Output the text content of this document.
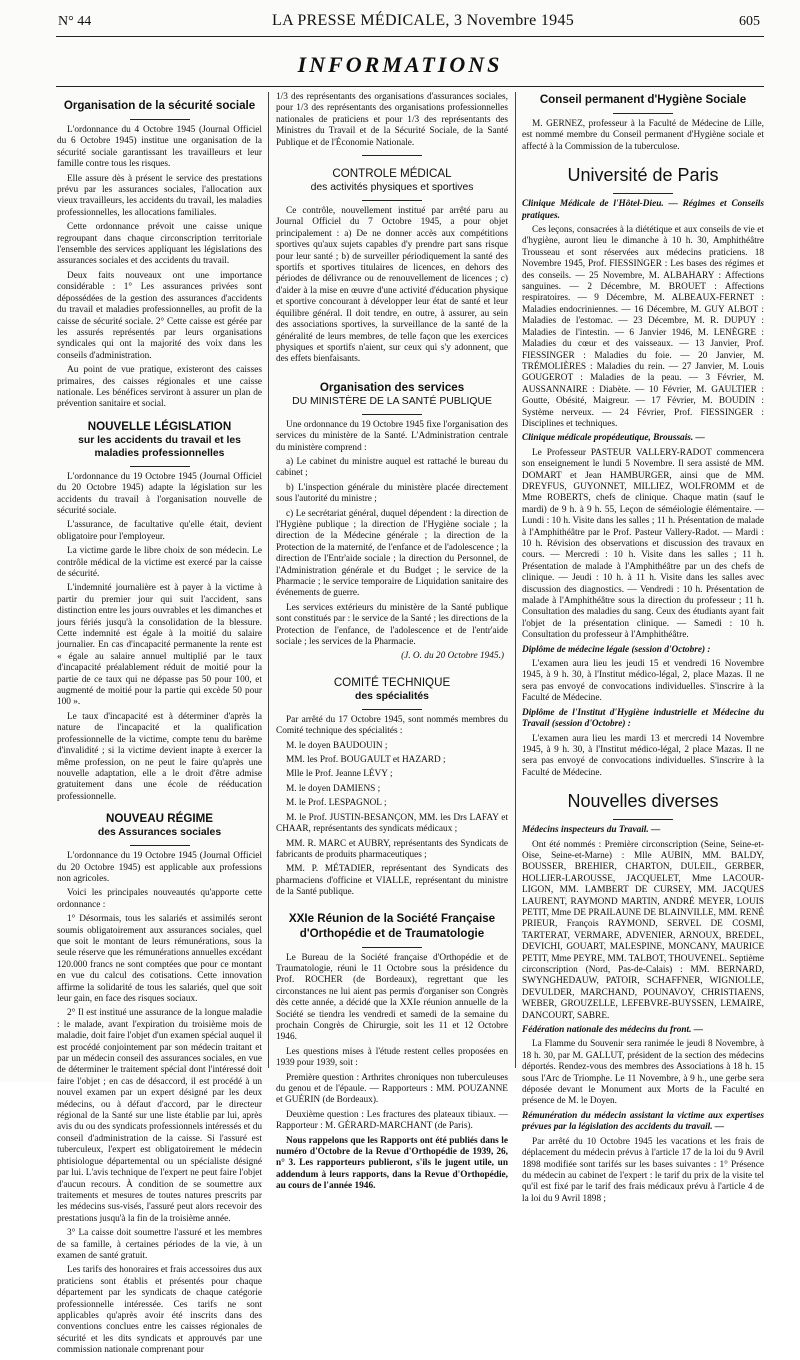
N° 44	LA PRESSE MÉDICALE, 3 Novembre 1945	605
INFORMATIONS
Organisation de la sécurité sociale

L'ordonnance du 4 Octobre 1945 (Journal Officiel du 6 Octobre 1945) institue une organisation de la sécurité sociale garantissant les travailleurs et leur famille contre tous les risques.

Elle assure dès à présent le service des prestations prévu par les assurances sociales, l'allocation aux vieux travailleurs, les accidents du travail, les maladies professionnelles, les allocations familiales.

Cette ordonnance prévoit une caisse unique regroupant dans chaque circonscription territoriale l'ensemble des services appliquant les législations des assurances sociales et des accidents du travail.

Deux faits nouveaux ont une importance considérable : 1° Les assurances privées sont dépossédées de la gestion des assurances d'accidents du travail et maladies professionnelles, au profit de la caisse de sécurité sociale. 2° Cette caisse est gérée par les assurés représentés par leurs organisations syndicales qui ont la majorité des voix dans les conseils d'administration.

Au point de vue pratique, existeront des caisses primaires, des caisses régionales et une caisse nationale. Les bénéfices serviront à assurer un plan de prévention sanitaire et social.

NOUVELLE LÉGISLATION
sur les accidents du travail et les maladies professionnelles

L'ordonnance du 19 Octobre 1945 (Journal Officiel du 20 Octobre 1945) adapte la législation sur les accidents du travail à l'organisation nouvelle de sécurité sociale.

L'assurance, de facultative qu'elle était, devient obligatoire pour l'employeur.

La victime garde le libre choix de son médecin. Le contrôle médical de la victime est exercé par la caisse de sécurité.

L'indemnité journalière est à payer à la victime à partir du premier jour qui suit l'accident, sans distinction entre les jours ouvrables et les dimanches et jours fériés jusqu'à la consolidation de la blessure. Cette indemnité est égale à la moitié du salaire journalier. En cas d'incapacité permanente la rente est « égale au salaire annuel multiplié par le taux d'incapacité préalablement réduit de moitié pour la partie de ce taux qui ne dépasse pas 50 pour 100, et augmenté de moitié pour la partie qui excède 50 pour 100 ».

Le taux d'incapacité est à déterminer d'après la nature de l'incapacité et la qualification professionnelle de la victime, compte tenu du barème d'invalidité ; si la victime devient inapte à exercer la même profession, on ne peut le faire qu'après une nouvelle adaptation, elle a le droit d'être admise gratuitement dans une école de rééducation professionnelle.

NOUVEAU RÉGIME
des Assurances sociales

L'ordonnance du 19 Octobre 1945 (Journal Officiel du 20 Octobre 1945) est applicable aux professions non agricoles.

Voici les principales nouveautés qu'apporte cette ordonnance :

1° Désormais, tous les salariés et assimilés seront soumis obligatoirement aux assurances sociales, quel que soit le montant de leurs rémunérations, sous la seule réserve que les rémunérations annuelles excédant 120.000 francs ne sont comptées que pour ce montant en vue du calcul des cotisations. Cette innovation affirme la solidarité de tous les salariés, quel que soit leur gain, en face des risques sociaux.

2° Il est institué une assurance de la longue maladie : le malade, avant l'expiration du troisième mois de maladie, doit faire l'objet d'un examen spécial auquel il est procédé conjointement par son médecin traitant et par un médecin conseil des assurances sociales, en vue de déterminer le traitement spécial dont l'intéressé doit faire l'objet ; en cas de désaccord, il est procédé à un nouvel examen par un expert désigné par les deux médecins, ou à défaut d'accord, par le directeur régional de la Santé sur une liste établie par lui, après avis du ou des syndicats professionnels intéressés et du conseil d'administration de la caisse. Si l'assuré est tuberculeux, l'expert est obligatoirement le médecin phtisiologue départemental ou un spécialiste désigné par lui. L'avis technique de l'expert ne peut faire l'objet d'aucun recours. À condition de se soumettre aux traitements et mesures de toutes natures prescrits par les médecins sus-visés, l'assuré peut alors recevoir des prestations jusqu'à la fin de la troisième année.

3° La caisse doit soumettre l'assuré et les membres de sa famille, à certaines périodes de la vie, à un examen de santé gratuit.

Les tarifs des honoraires et frais accessoires dus aux praticiens sont établis et présentés pour chaque département par les syndicats de chaque catégorie professionnelle intéressée. Ces tarifs ne sont applicables qu'après avoir été inscrits dans des conventions conclues entre les caisses régionales de sécurité et les dits syndicats et approuvés par une commission nationale comprenant pour

1/3 des représentants des organisations d'assurances sociales, pour 1/3 des représentants des organisations professionnelles nationales de praticiens et pour 1/3 des représentants des Ministres du Travail et de la Sécurité Sociale, de la Santé Publique et de l'Économie Nationale.

CONTROLE MÉDICAL
des activités physiques et sportives

Ce contrôle, nouvellement institué par arrêté paru au Journal Officiel du 7 Octobre 1945, a pour objet principalement : a) De ne donner accès aux compétitions sportives qu'aux sujets capables d'y prendre part sans risque pour leur santé ; b) de surveiller périodiquement la santé des sportifs et sportives titulaires de licences, en dehors des périodes de délivrance ou de renouvellement de licences ; c) d'aider à la mise en œuvre d'une activité d'éducation physique et sportive concourant à développer leur état de santé et leur équilibre général. Il doit tendre, en outre, à assurer, au sein des associations sportives, la surveillance de la santé de la généralité de leurs membres, de telle façon que les exercices physiques et sportifs n'aient, sur ceux qui s'y adonnent, que des effets bienfaisants.

Organisation des services
DU MINISTÈRE DE LA SANTÉ PUBLIQUE

Une ordonnance du 19 Octobre 1945 fixe l'organisation des services du ministère de la Santé. L'Administration centrale du ministère comprend :

a) Le cabinet du ministre auquel est rattaché le bureau du cabinet ;

b) L'inspection générale du ministère placée directement sous l'autorité du ministre ;

c) Le secrétariat général, duquel dépendent : la direction de l'Hygiène publique ; la direction de l'Hygiène sociale ; la direction de la Médecine générale ; la direction de la Protection de la maternité, de l'enfance et de l'adolescence ; la direction de l'Entr'aide sociale ; la direction du Personnel, de l'Administration générale et du Budget ; le service de la Pharmacie ; le service temporaire de Liquidation sanitaire des événements de guerre.

Les services extérieurs du ministère de la Santé publique sont constitués par : le service de la Santé ; les directions de la Protection de l'enfance, de l'adolescence et de l'entr'aide sociale ; les services de la Pharmacie.

(J. O. du 20 Octobre 1945.)
COMITÉ TECHNIQUE
des spécialités

Par arrêté du 17 Octobre 1945, sont nommés membres du Comité technique des spécialités :

M. le doyen BAUDOUIN ;

MM. les Prof. BOUGAULT et HAZARD ;

Mlle le Prof. Jeanne LÉVY ;

M. le doyen DAMIENS ;

M. le Prof. LESPAGNOL ;

M. le Prof. JUSTIN-BESANÇON, MM. les Drs LAFAY et CHAAR, représentants des syndicats médicaux ;

MM. R. MARC et AUBRY, représentants des Syndicats de fabricants de produits pharmaceutiques ;

MM. P. MÉTADIER, représentant des Syndicats des pharmaciens d'officine et VIALLE, représentant du ministre de la Santé publique.

XXIe Réunion de la Société Française d'Orthopédie et de Traumatologie

Le Bureau de la Société française d'Orthopédie et de Traumatologie, réuni le 11 Octobre sous la présidence du Prof. ROCHER (de Bordeaux), regrettant que les circonstances ne lui aient pas permis d'organiser son Congrès dès cette année, a décidé que la XXIe réunion annuelle de la Société se tiendra les vendredi et samedi de la semaine du prochain Congrès de Chirurgie, soit les 11 et 12 Octobre 1946.

Les questions mises à l'étude restent celles proposées en 1939 pour 1939, soit :

Première question : Arthrites chroniques non tuberculeuses du genou et de l'épaule. — Rapporteurs : MM. POUZANNE et GUÉRIN (de Bordeaux).

Deuxième question : Les fractures des plateaux tibiaux. — Rapporteur : M. GÉRARD-MARCHANT (de Paris).

Nous rappelons que les Rapports ont été publiés dans le numéro d'Octobre de la Revue d'Orthopédie de 1939, 26, n° 3. Les rapporteurs publieront, s'ils le jugent utile, un addendum à leurs rapports, dans la Revue d'Orthopédie, au cours de l'année 1946.

Conseil permanent d'Hygiène Sociale

M. GERNEZ, professeur à la Faculté de Médecine de Lille, est nommé membre du Conseil permanent d'Hygiène sociale et affecté à la Commission de la tuberculose.

Université de Paris

Clinique Médicale de l'Hôtel-Dieu. — Régimes et Conseils pratiques.

Ces leçons, consacrées à la diététique et aux conseils de vie et d'hygiène, auront lieu le dimanche à 10 h. 30, Amphithéâtre Trousseau et sont réservées aux médecins praticiens. 18 Novembre 1945, Prof. FIESSINGER : Les bases des régimes et des conseils. — 25 Novembre, M. ALBAHARY : Affections sanguines. — 2 Décembre, M. BROUET : Affections respiratoires. — 9 Décembre, M. ALBEAUX-FERNET : Maladies endocriniennes. — 16 Décembre, M. GUY ALBOT : Maladies de l'estomac. — 23 Décembre, M. R. DUPUY : Maladies de l'intestin. — 6 Janvier 1946, M. LENÈGRE : Maladies du cœur et des vaisseaux. — 13 Janvier, Prof. FIESSINGER : Maladies du foie. — 20 Janvier, M. TRÉMOLIÈRES : Maladies du rein. — 27 Janvier, M. Louis GOUGEROT : Maladies de la peau. — 3 Février, M. AUSSANNAIRE : Diabète. — 10 Février, M. GAULTIER : Goutte, Obésité, Maigreur. — 17 Février, M. BOUDIN : Système nerveux. — 24 Février, Prof. FIESSINGER : Disciplines et techniques.

Clinique médicale propédeutique, Broussais. —

Le Professeur PASTEUR VALLERY-RADOT commencera son enseignement le lundi 5 Novembre. Il sera assisté de MM. DOMART et Jean HAMBURGER, ainsi que de MM. DREYFUS, GUYONNET, MILLIEZ, WOLFROMM et de Mme ROBERTS, chefs de clinique. Chaque matin (sauf le mardi) de 9 h. à 9 h. 55, Leçon de séméiologie élémentaire. — Lundi : 10 h. Visite dans les salles ; 11 h. Présentation de malade à l'Amphithéâtre par le Prof. Pasteur Vallery-Radot. — Mardi : 10 h. Révision des observations et discussion des travaux en cours. — Mercredi : 10 h. Visite dans les salles ; 11 h. Présentation de malade à l'Amphithéâtre par un des chefs de clinique. — Jeudi : 10 h. à 11 h. Visite dans les salles avec discussion des diagnostics. — Vendredi : 10 h. Présentation de malade à l'Amphithéâtre sous la direction du professeur ; 11 h. Consultation des maladies du sang. Ceux des étudiants ayant fait l'objet de la présentation clinique. — Samedi : 10 h. Consultation du professeur à l'Amphithéâtre.

Diplôme de médecine légale (session d'Octobre) :

L'examen aura lieu les jeudi 15 et vendredi 16 Novembre 1945, à 9 h. 30, à l'Institut médico-légal, 2, place Mazas. Il ne sera pas envoyé de convocations individuelles. S'inscrire à la Faculté de Médecine.

Diplôme de l'Institut d'Hygiène industrielle et Médecine du Travail (session d'Octobre) :

L'examen aura lieu les mardi 13 et mercredi 14 Novembre 1945, à 9 h. 30, à l'Institut médico-légal, 2 place Mazas. Il ne sera pas envoyé de convocations individuelles. S'inscrire à la Faculté de Médecine.

Nouvelles diverses

Médecins inspecteurs du Travail. —

Ont été nommés : Première circonscription (Seine, Seine-et-Oise, Seine-et-Marne) : Mlle AUBIN, MM. BALDY, BOUSSER, BREHIER, CHARTON, DULEIL, GERBER, HOLLIER-LAROUSSE, JACQUELET, Mme LACOUR-LIGON, MM. LAMBERT DE CURSEY, MM. JACQUES LAURENT, RAYMOND MARTIN, ANDRÉ MEYER, LOUIS PETIT, Mme DE PRAILAUNE DE BLAINVILLE, MM. RENÉ PRIEUR, François RAYMOND, SERVEL DE COSMI, TARTERAT, VERMARE, ADVENIER, ARNOUX, BREDEL, DEVICHI, GOUART, MALESPINE, MONCANY, MAURICE PETIT, Mme PEYRE, MM. TALBOT, THOUVENEL. Septième circonscription (Nord, Pas-de-Calais) : MM. BERNARD, SWYNGHEDAUW, PATOIR, SCHAFFNER, WIGNIOLLE, DEVULDER, MARCHAND, POUNAVOY, CHRISTIAENS, WEBER, GROUZELLE, LEFEBVRE-BUYSSEN, LEMAIRE, DANCOURT, SABRE.

Fédération nationale des médecins du front. —

La Flamme du Souvenir sera ranimée le jeudi 8 Novembre, à 18 h. 30, par M. GALLUT, président de la section des médecins déportés. Rendez-vous des membres des Associations à 18 h. 15 sous l'Arc de Triomphe. Le 11 Novembre, à 9 h., une gerbe sera déposée devant le Monument aux Morts de la Faculté en présence de M. le Doyen.

Rémunération du médecin assistant la victime aux expertises prévues par la législation des accidents du travail. —

Par arrêté du 10 Octobre 1945 les vacations et les frais de déplacement du médecin prévus à l'article 17 de la loi du 9 Avril 1898 modifiée sont tarifés sur les bases suivantes : 1° Présence du médecin au cabinet de l'expert : le tarif du prix de la visite tel qu'il est fixé par le tarif des frais médicaux prévu à l'article 4 de la loi du 9 Avril 1898 ;
